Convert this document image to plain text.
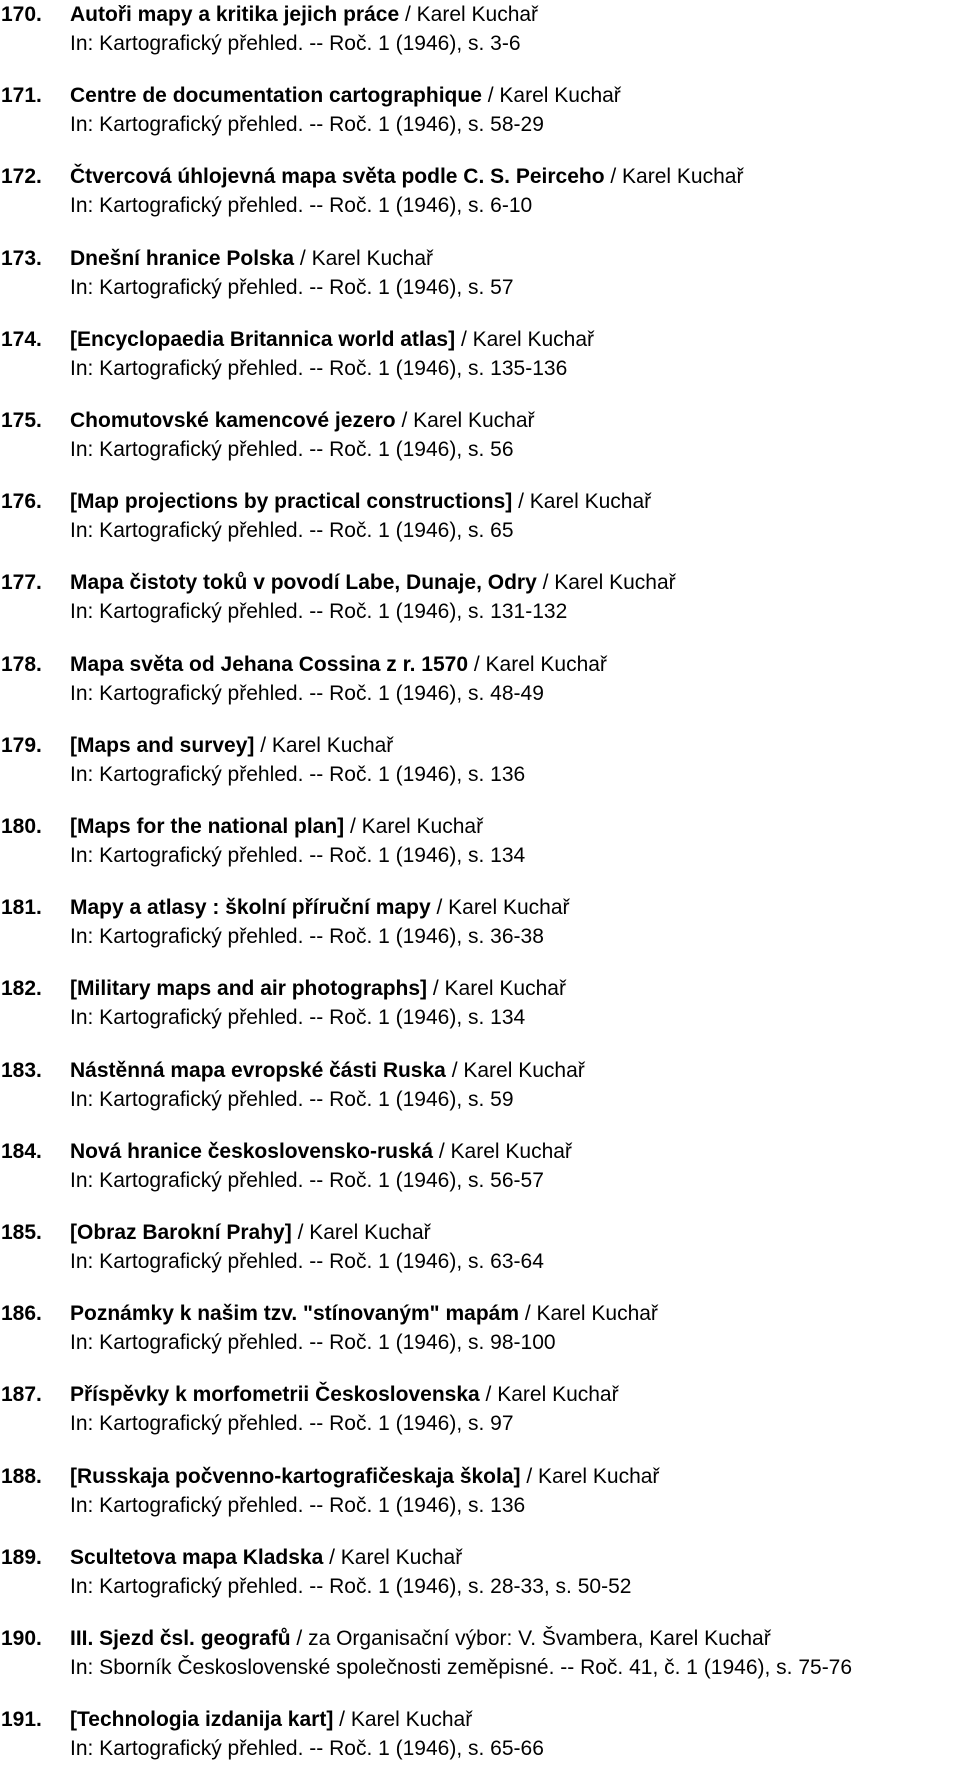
170. Autoři mapy a kritika jejich práce / Karel Kuchař
In: Kartografický přehled. -- Roč. 1 (1946), s. 3-6
171. Centre de documentation cartographique / Karel Kuchař
In: Kartografický přehled. -- Roč. 1 (1946), s. 58-29
172. Čtvercová úhlojevná mapa světa podle C. S. Peirceho / Karel Kuchař
In: Kartografický přehled. -- Roč. 1 (1946), s. 6-10
173. Dnešní hranice Polska / Karel Kuchař
In: Kartografický přehled. -- Roč. 1 (1946), s. 57
174. [Encyclopaedia Britannica world atlas] / Karel Kuchař
In: Kartografický přehled. -- Roč. 1 (1946), s. 135-136
175. Chomutovské kamencové jezero / Karel Kuchař
In: Kartografický přehled. -- Roč. 1 (1946), s. 56
176. [Map projections by practical constructions] / Karel Kuchař
In: Kartografický přehled. -- Roč. 1 (1946), s. 65
177. Mapa čistoty toků v povodí Labe, Dunaje, Odry / Karel Kuchař
In: Kartografický přehled. -- Roč. 1 (1946), s. 131-132
178. Mapa světa od Jehana Cossina z r. 1570 / Karel Kuchař
In: Kartografický přehled. -- Roč. 1 (1946), s. 48-49
179. [Maps and survey] / Karel Kuchař
In: Kartografický přehled. -- Roč. 1 (1946), s. 136
180. [Maps for the national plan] / Karel Kuchař
In: Kartografický přehled. -- Roč. 1 (1946), s. 134
181. Mapy a atlasy : školní příruční mapy / Karel Kuchař
In: Kartografický přehled. -- Roč. 1 (1946), s. 36-38
182. [Military maps and air photographs] / Karel Kuchař
In: Kartografický přehled. -- Roč. 1 (1946), s. 134
183. Nástěnná mapa evropské části Ruska / Karel Kuchař
In: Kartografický přehled. -- Roč. 1 (1946), s. 59
184. Nová hranice československo-ruská / Karel Kuchař
In: Kartografický přehled. -- Roč. 1 (1946), s. 56-57
185. [Obraz Barokní Prahy] / Karel Kuchař
In: Kartografický přehled. -- Roč. 1 (1946), s. 63-64
186. Poznámky k našim tzv. "stínovaným" mapám / Karel Kuchař
In: Kartografický přehled. -- Roč. 1 (1946), s. 98-100
187. Příspěvky k morfometrii Československa / Karel Kuchař
In: Kartografický přehled. -- Roč. 1 (1946), s. 97
188. [Russkaja počvenno-kartografičeskaja škola] / Karel Kuchař
In: Kartografický přehled. -- Roč. 1 (1946), s. 136
189. Scultetova mapa Kladska / Karel Kuchař
In: Kartografický přehled. -- Roč. 1 (1946), s. 28-33, s. 50-52
190. III. Sjezd čsl. geografů / za Organisační výbor: V. Švambera, Karel Kuchař
In: Sborník Československé společnosti zeměpisné. -- Roč. 41, č. 1 (1946), s. 75-76
191. [Technologia izdanija kart] / Karel Kuchař
In: Kartografický přehled. -- Roč. 1 (1946), s. 65-66
